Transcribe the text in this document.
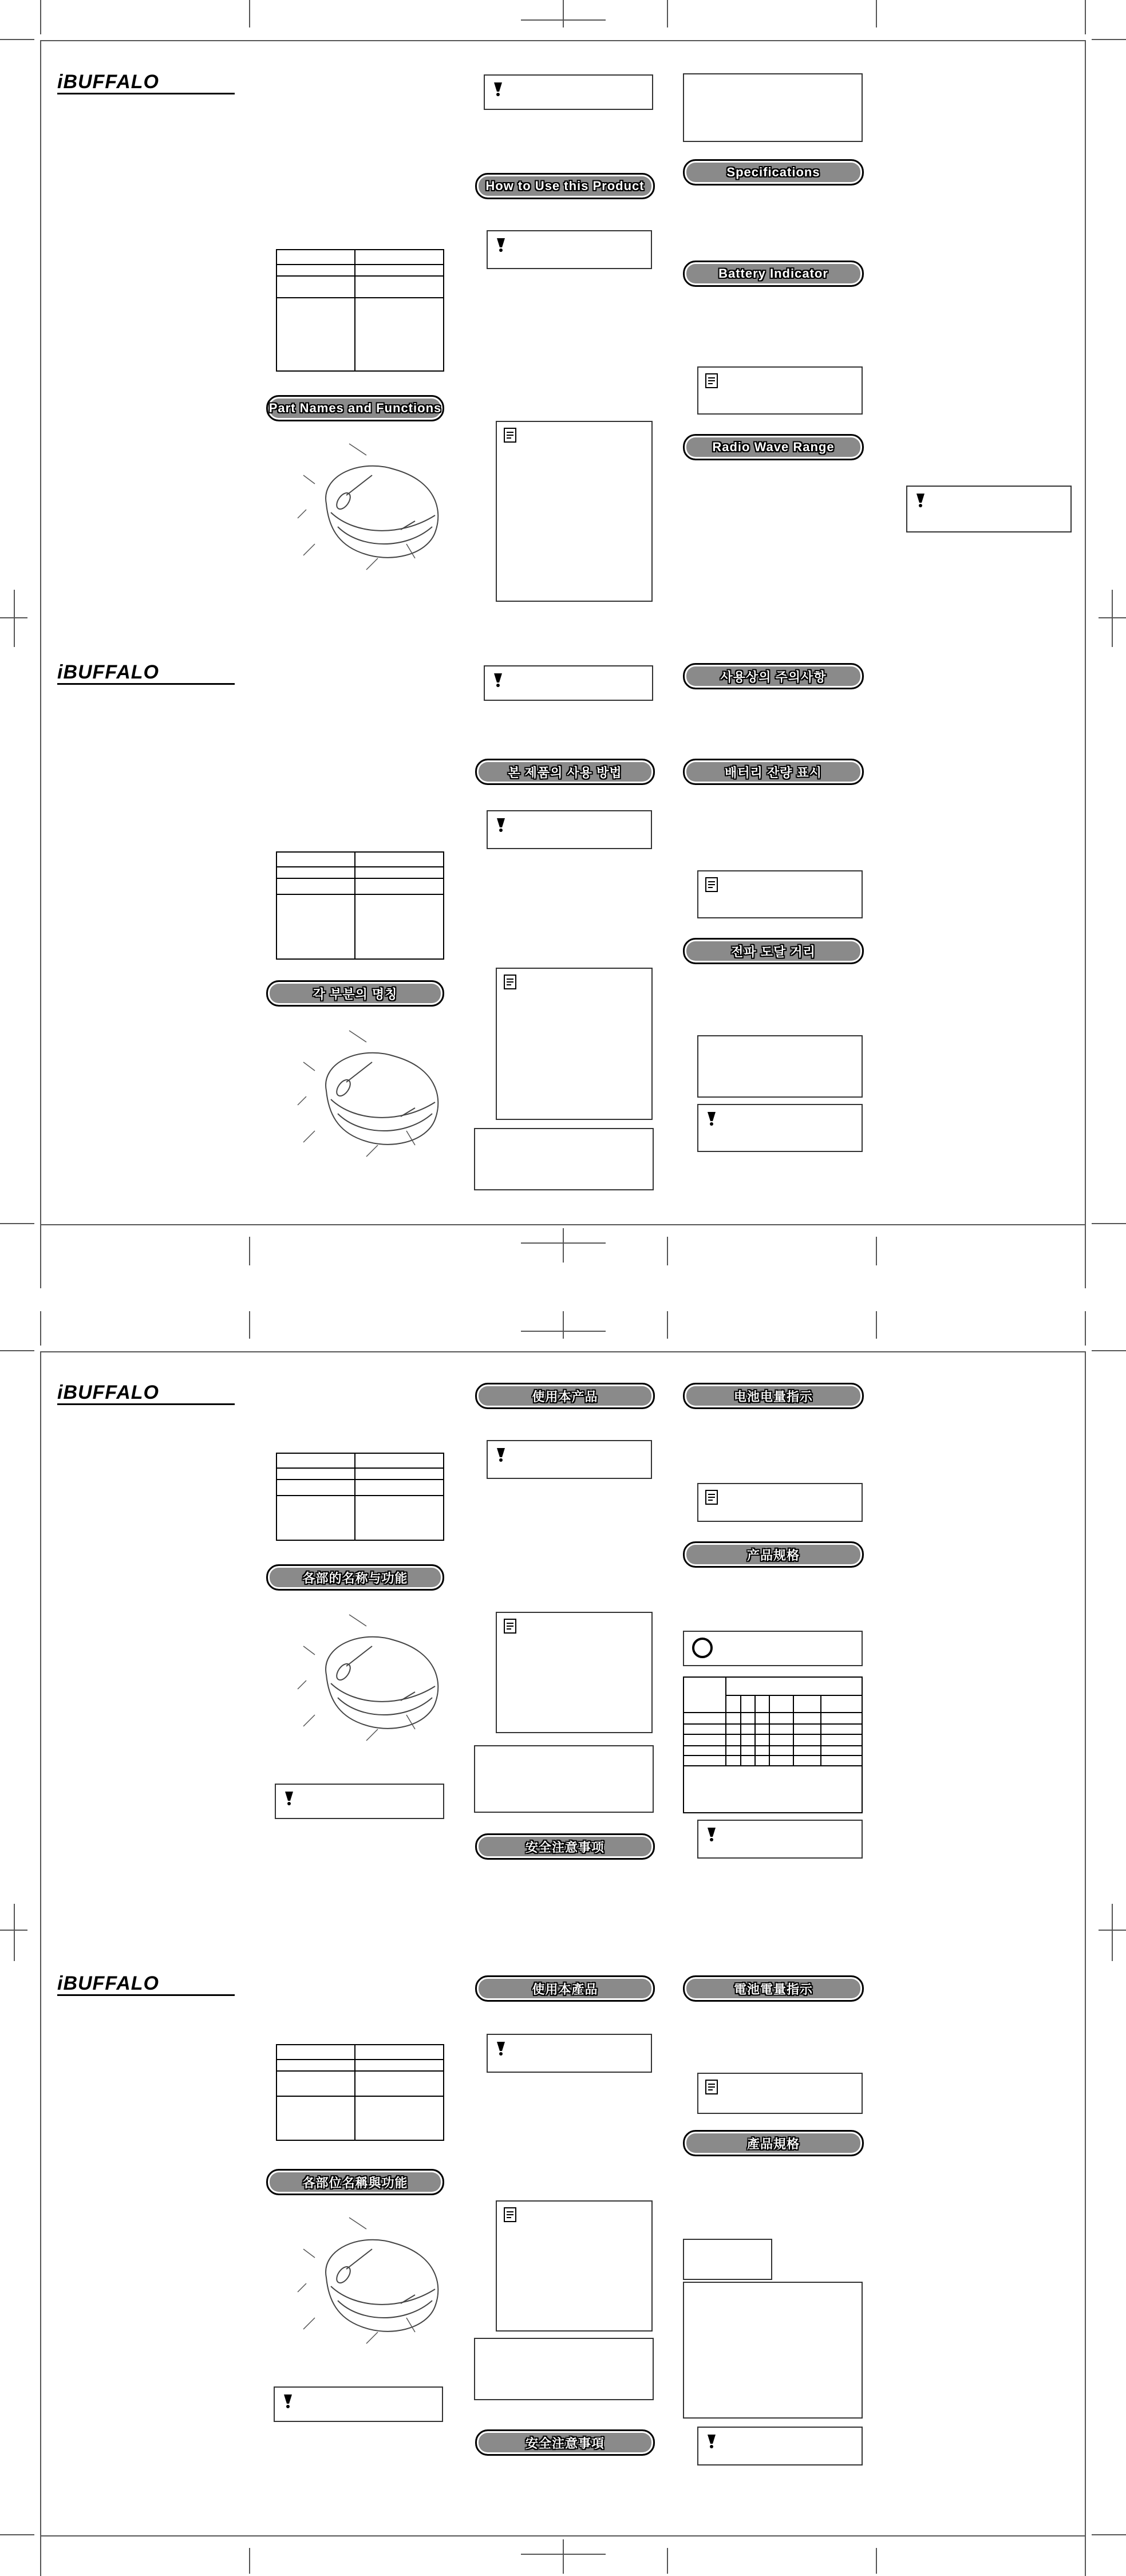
iBUFFALO
Part Names and Functions
How to Use this Product
Specifications
Battery Indicator
Radio Wave Range
iBUFFALO
각 부분의 명칭
본 제품의 사용 방법
사용상의 주의사항
배터리 잔량 표시
전파 도달 거리
iBUFFALO
各部的名称与功能
使用本产品
安全注意事项
电池电量指示
产品规格
iBUFFALO
各部位名稱與功能
使用本產品
安全注意事項
電池電量指示
產品規格
